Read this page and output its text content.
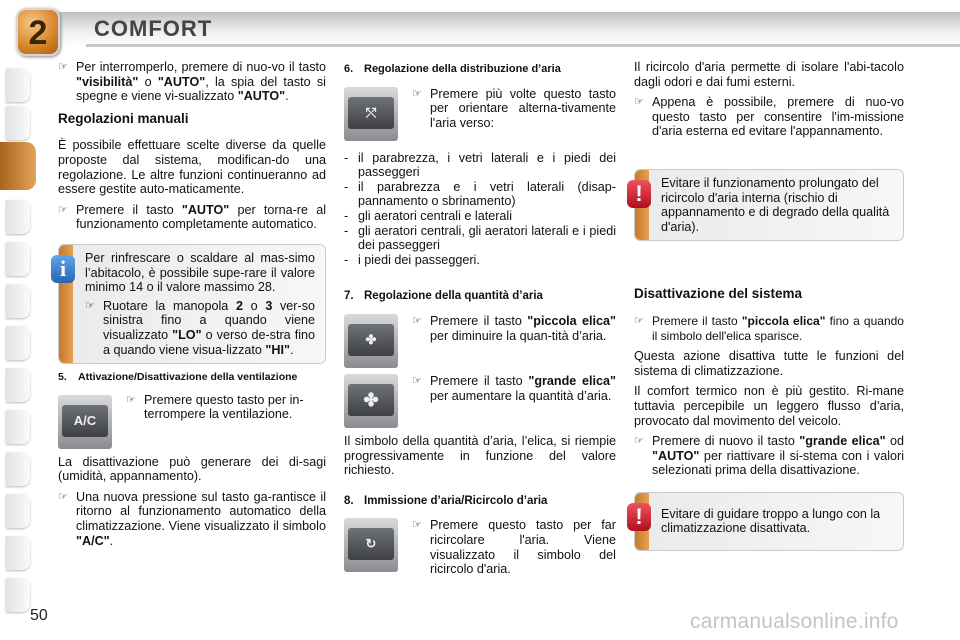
2	COMFORT
☞ Per interromperlo, premere di nuo-vo il tasto "visibilità" o "AUTO", la spia del tasto si spegne e viene vi-sualizzato "AUTO".
Regolazioni manuali

È possibile effettuare scelte diverse da quelle proposte dal sistema, modifican-do una regolazione. Le altre funzioni continueranno ad essere gestite auto-maticamente.

☞ Premere il tasto "AUTO" per torna-re al funzionamento completamente automatico.
i	Per rinfrescare o scaldare al mas-simo l’abitacolo, è possibile supe-rare il valore minimo 14 o il valore massimo 28.

☞ Ruotare la manopola 2 o 3 ver-so sinistra fino a quando viene visualizzato "LO" o verso de-stra fino a quando viene visua-lizzato "HI".
5.	Attivazione/Disattivazione della ventilazione
A/C
☞ Premere questo tasto per in-terrompere la ventilazione.

La disattivazione può generare dei di-sagi (umidità, appannamento).

☞ Una nuova pressione sul tasto ga-rantisce il ritorno al funzionamento automatico della climatizzazione. Viene visualizzato il simbolo "A/C".
6. Regolazione della distribuzione d’aria
⤲
☞ Premere più volte questo tasto per orientare alterna-tivamente l'aria verso:
- il parabrezza, i vetri laterali e i piedi dei passeggeri
- il parabrezza e i vetri laterali (disap-pannamento o sbrinamento)
- gli aeratori centrali e laterali
- gli aeratori centrali, gli aeratori laterali e i piedi dei passeggeri
- i piedi dei passeggeri.
7. Regolazione della quantità d’aria
✤
☞ Premere il tasto "piccola elica" per diminuire la quan-tità d’aria.
✤
☞ Premere il tasto "grande elica" per aumentare la quantità d’aria.

Il simbolo della quantità d’aria, l’elica, si riempie progressivamente in funzione del valore richiesto.

8. Immissione d’aria/Ricircolo d’aria
↻
☞ Premere questo tasto per far ricircolare l'aria. Viene visualizzato il simbolo del ricircolo d'aria.

Il ricircolo d'aria permette di isolare l'abi-tacolo dagli odori e dai fumi esterni.

☞ Appena è possibile, premere di nuo-vo questo tasto per consentire l'im-missione d'aria esterna ed evitare l'appannamento.
!	Evitare il funzionamento prolungato del ricircolo d'aria interna (rischio di appannamento e di degrado della qualità d'aria).

Disattivazione del sistema
☞ Premere il tasto "piccola elica" fino a quando il simbolo dell'elica sparisce.

Questa azione disattiva tutte le funzioni del sistema di climatizzazione.

Il comfort termico non è più gestito. Ri-mane tuttavia percepibile un leggero flusso d’aria, provocato dal movimento del veicolo.

☞ Premere di nuovo il tasto "grande elica" od "AUTO" per riattivare il si-stema con i valori selezionati prima della disattivazione.
!	Evitare di guidare troppo a lungo con la climatizzazione disattivata.

50	carmanualsonline.info
